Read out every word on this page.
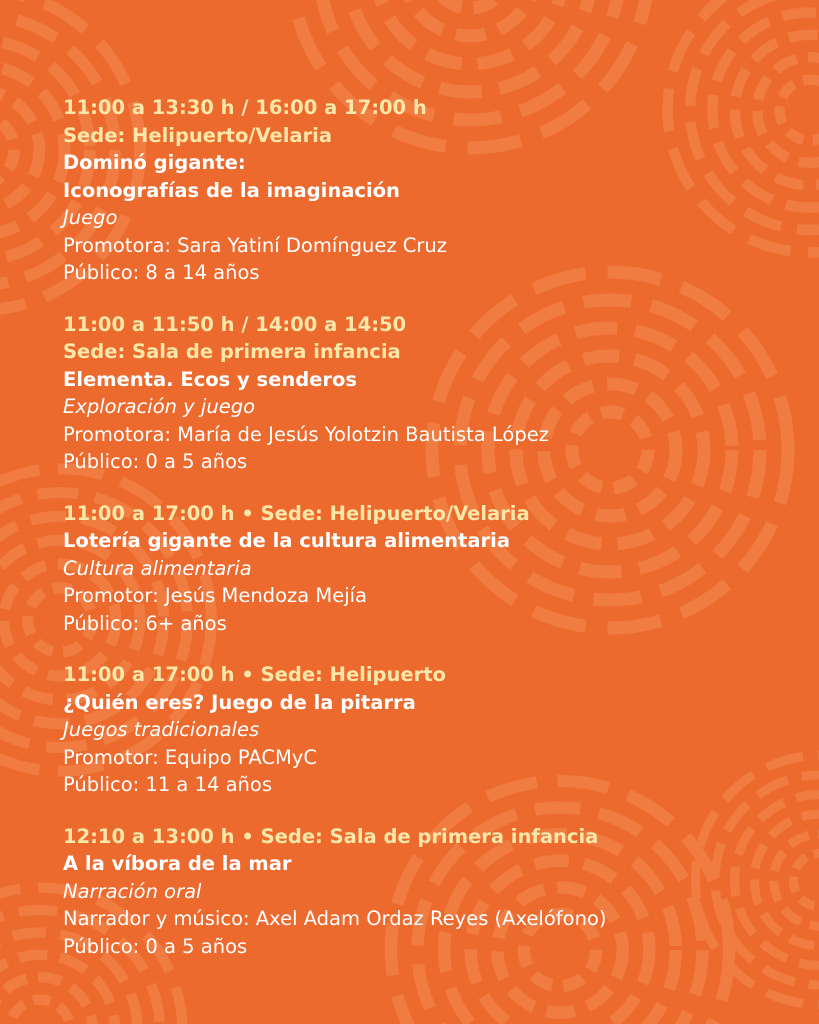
11:00 a 13:30 h / 16:00 a 17:00 h
Sede: Helipuerto/Velaria
Dominó gigante:
Iconografías de la imaginación
Juego
Promotora: Sara Yatiní Domínguez Cruz
Público: 8 a 14 años
11:00 a 11:50 h / 14:00 a 14:50
Sede: Sala de primera infancia
Elementa. Ecos y senderos
Exploración y juego
Promotora: María de Jesús Yolotzin Bautista López
Público: 0 a 5 años
11:00 a 17:00 h • Sede: Helipuerto/Velaria
Lotería gigante de la cultura alimentaria
Cultura alimentaria
Promotor: Jesús Mendoza Mejía
Público: 6+ años
11:00 a 17:00 h • Sede: Helipuerto
¿Quién eres? Juego de la pitarra
Juegos tradicionales
Promotor: Equipo PACMyC
Público: 11 a 14 años
12:10 a 13:00 h • Sede: Sala de primera infancia
A la víbora de la mar
Narración oral
Narrador y músico: Axel Adam Ordaz Reyes (Axelófono)
Público: 0 a 5 años
